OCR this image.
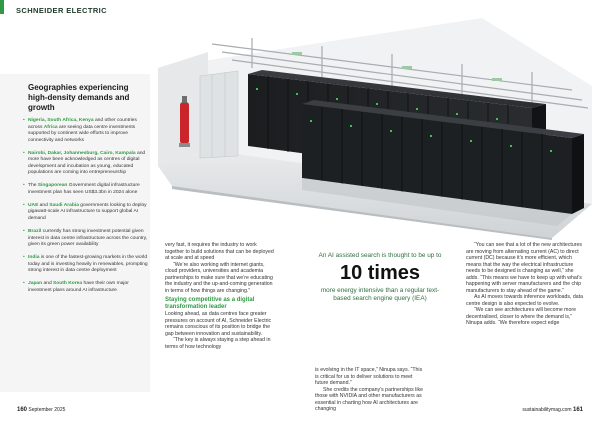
SCHNEIDER ELECTRIC
Geographies experiencing high-density demands and growth
• Nigeria, South Africa, Kenya and other countries across Africa are seeing data centre investments supported by continent wide efforts to improve connectivity and networks
• Nairobi, Dakar, Johannesburg, Cairo, Kampala and more have been acknowledged as centres of digital development and incubation as young, educated populations are coming into entrepreneurship
• The Singaporean Government digital infrastructure investment plan has seen US$3.3bn in 2024 alone
• UAE and Saudi Arabia governments looking to deploy gigawatt-scale AI infrastructure to support global AI demand
• Brazil currently has strong investment potential given interest in data centre infrastructure across the country, given its green power availability
• India is one of the fastest-growing markets in the world today and is investing heavily in renewables, prompting strong interest in data centre deployment
• Japan and South Korea have their own major investment plans around AI infrastructure

very fast, it requires the industry to work together to build solutions that can be deployed at scale and at speed

“We’re also working with internet giants, cloud providers, universities and academia partnerships to make sure that we’re educating the industry and the up-and-coming generation in terms of how things are changing.”

Staying competitive as a digital transformation leader

Looking ahead, as data centres face greater pressures on account of AI, Schneider Electric remains conscious of its position to bridge the gap between innovation and sustainability.

“The key is always staying a step ahead in terms of how technology

An AI assisted search is thought to be up to
10 times
more energy intensive than a regular text-based search engine query (IEA)

is evolving in the IT space,” Ninupa says. “This is critical for us to deliver solutions to meet future demand.”

She credits the company’s partnerships like those with NVIDIA and other manufacturers as essential in charting how AI architectures are changing

“You can see that a lot of the new architectures are moving from alternating current (AC) to direct current (DC) because it’s more efficient, which means that the way the electrical infrastructure needs to be designed is changing as well,” she adds. “This means we have to keep up with what’s happening with server manufacturers and the chip manufacturers to stay ahead of the game.”

As AI moves towards inference workloads, data centre design is also expected to evolve.

“We can see architectures will become more decentralised, closer to where the demand is,” Ninupa adds. “We therefore expect edge

160 September 2025	sustainabilitymag.com 161
